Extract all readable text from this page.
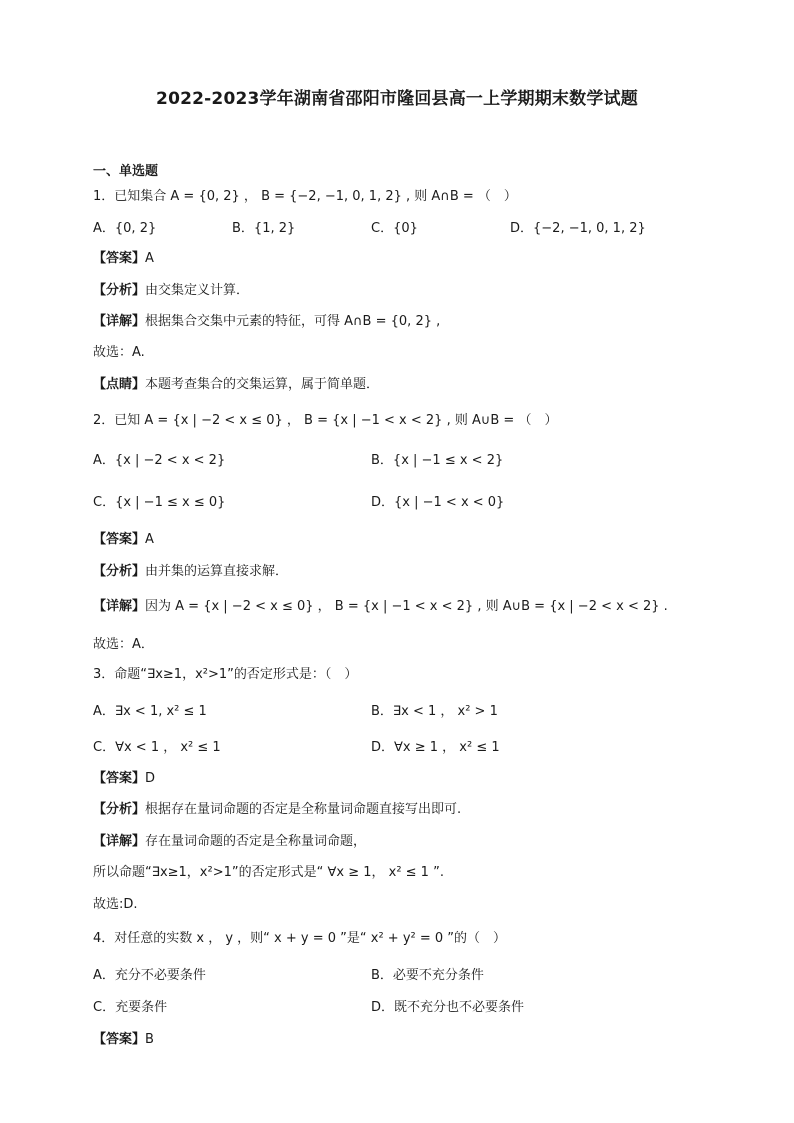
2022-2023学年湖南省邵阳市隆回县高一上学期期末数学试题
一、单选题
1．已知集合 A = {0, 2} ， B = {−2, −1, 0, 1, 2} , 则 A∩B = （　）
A．{0, 2}	B．{1, 2}	C．{0}	D．{−2, −1, 0, 1, 2}
【答案】A
【分析】由交集定义计算．
【详解】根据集合交集中元素的特征，可得 A∩B = {0, 2} ,
故选：A.
【点睛】本题考查集合的交集运算，属于简单题．
2．已知 A = {x | −2 < x ≤ 0} ， B = {x | −1 < x < 2} , 则 A∪B = （　）
A．{x | −2 < x < 2}	B．{x | −1 ≤ x < 2}
C．{x | −1 ≤ x ≤ 0}	D．{x | −1 < x < 0}
【答案】A
【分析】由并集的运算直接求解．
【详解】因为 A = {x | −2 < x ≤ 0} ， B = {x | −1 < x < 2} , 则 A∪B = {x | −2 < x < 2} .
故选：A．
3．命题“∃x≥1，x²>1”的否定形式是：（　）
A．∃x < 1, x² ≤ 1	B．∃x < 1 ， x² > 1
C．∀x < 1 ， x² ≤ 1	D．∀x ≥ 1 ， x² ≤ 1
【答案】D
【分析】根据存在量词命题的否定是全称量词命题直接写出即可.
【详解】存在量词命题的否定是全称量词命题，
所以命题“∃x≥1，x²>1”的否定形式是“ ∀x ≥ 1， x² ≤ 1 ”.
故选:D.
4．对任意的实数 x ， y ，则“ x + y = 0 ”是“ x² + y² = 0 ”的（　）
A．充分不必要条件	B．必要不充分条件
C．充要条件	D．既不充分也不必要条件
【答案】B
